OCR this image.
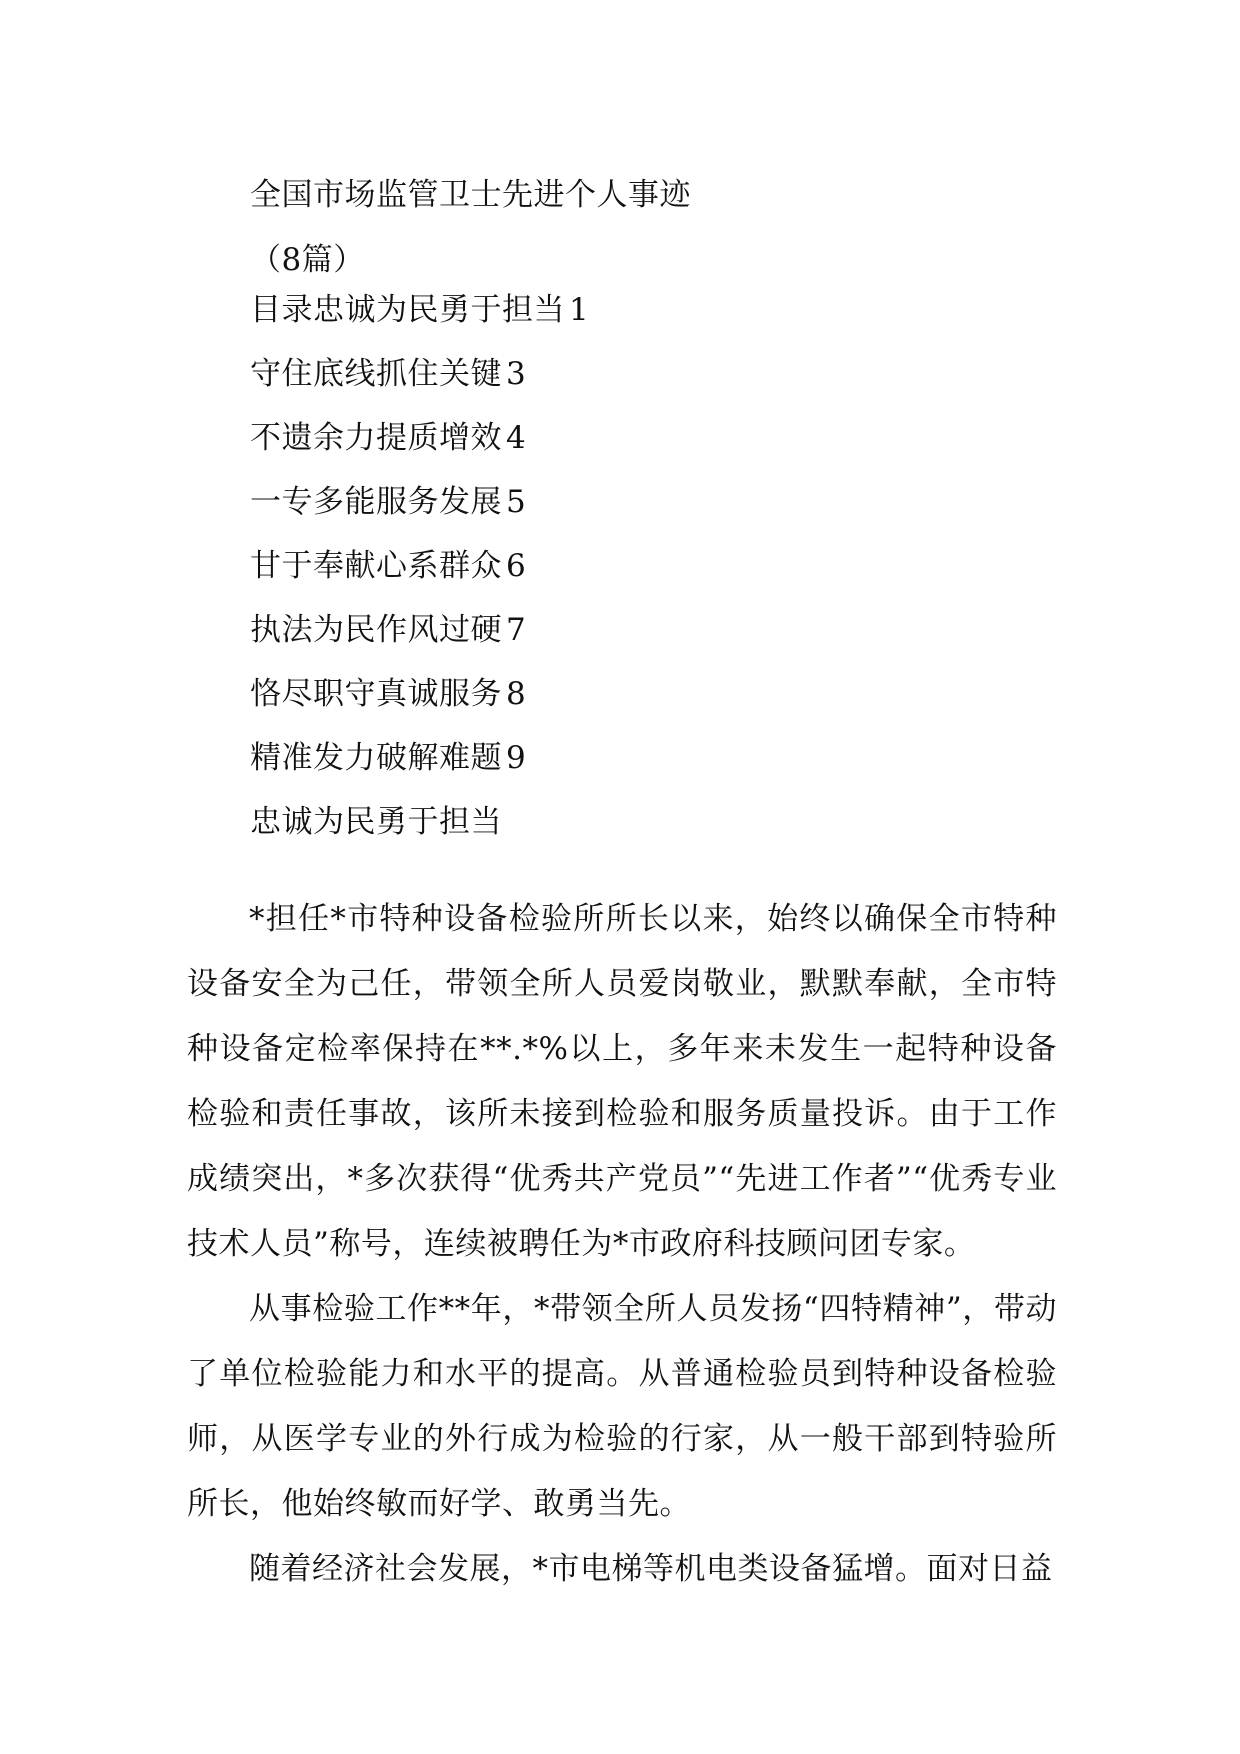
全国市场监管卫士先进个人事迹
（8篇）
目录忠诚为民勇于担当 1
守住底线抓住关键 3
不遗余力提质增效 4
一专多能服务发展 5
甘于奉献心系群众 6
执法为民作风过硬 7
恪尽职守真诚服务 8
精准发力破解难题 9
忠诚为民勇于担当

*担任*市特种设备检验所所长以来，始终以确保全市特种设备安全为己任，带领全所人员爱岗敬业，默默奉献，全市特种设备定检率保持在**.*%以上，多年来未发生一起特种设备检验和责任事故，该所未接到检验和服务质量投诉。由于工作成绩突出，*多次获得“优秀共产党员”“先进工作者”“优秀专业技术人员”称号，连续被聘任为*市政府科技顾问团专家。

从事检验工作**年，*带领全所人员发扬“四特精神”，带动了单位检验能力和水平的提高。从普通检验员到特种设备检验师，从医学专业的外行成为检验的行家，从一般干部到特验所所长，他始终敏而好学、敢勇当先。

随着经济社会发展，*市电梯等机电类设备猛增。面对日益
